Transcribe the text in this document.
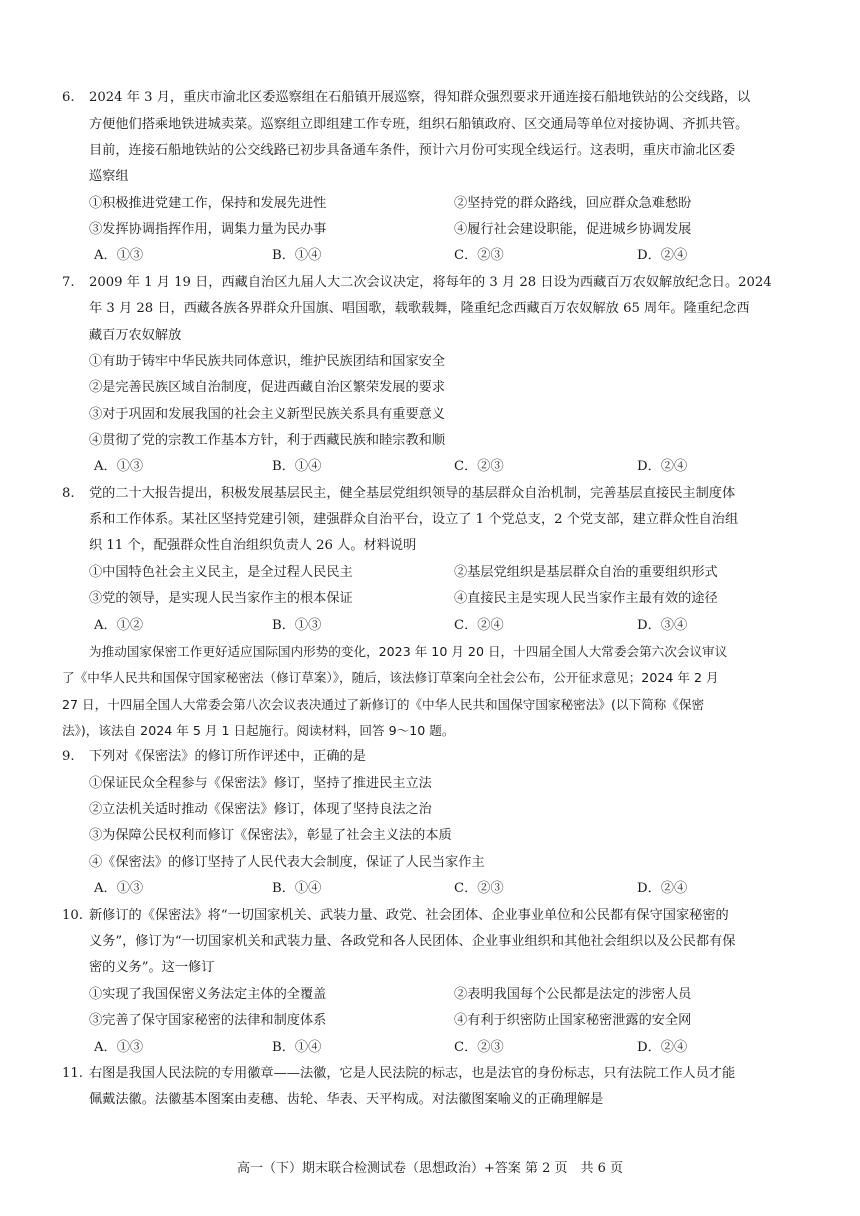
6. 2024 年 3 月，重庆市渝北区委巡察组在石船镇开展巡察，得知群众强烈要求开通连接石船地铁站的公交线路，以
方便他们搭乘地铁进城卖菜。巡察组立即组建工作专班，组织石船镇政府、区交通局等单位对接协调、齐抓共管。
目前，连接石船地铁站的公交线路已初步具备通车条件，预计六月份可实现全线运行。这表明，重庆市渝北区委
巡察组
①积极推进党建工作，保持和发展先进性	②坚持党的群众路线，回应群众急难愁盼
③发挥协调指挥作用，调集力量为民办事	④履行社会建设职能，促进城乡协调发展
A．①③	B．①④	C．②③	D．②④
7. 2009 年 1 月 19 日，西藏自治区九届人大二次会议决定，将每年的 3 月 28 日设为西藏百万农奴解放纪念日。2024
年 3 月 28 日，西藏各族各界群众升国旗、唱国歌，载歌载舞，隆重纪念西藏百万农奴解放 65 周年。隆重纪念西
藏百万农奴解放
①有助于铸牢中华民族共同体意识，维护民族团结和国家安全
②是完善民族区域自治制度，促进西藏自治区繁荣发展的要求
③对于巩固和发展我国的社会主义新型民族关系具有重要意义
④贯彻了党的宗教工作基本方针，利于西藏民族和睦宗教和顺
A．①③	B．①④	C．②③	D．②④
8. 党的二十大报告提出，积极发展基层民主，健全基层党组织领导的基层群众自治机制，完善基层直接民主制度体
系和工作体系。某社区坚持党建引领，建强群众自治平台，设立了 1 个党总支，2 个党支部，建立群众性自治组
织 11 个，配强群众性自治组织负责人 26 人。材料说明
①中国特色社会主义民主，是全过程人民民主	②基层党组织是基层群众自治的重要组织形式
③党的领导，是实现人民当家作主的根本保证	④直接民主是实现人民当家作主最有效的途径
A．①②	B．①③	C．②④	D．③④
为推动国家保密工作更好适应国际国内形势的变化，2023 年 10 月 20 日，十四届全国人大常委会第六次会议审议
了《中华人民共和国保守国家秘密法（修订草案）》，随后，该法修订草案向全社会公布，公开征求意见；2024 年 2 月
27 日，十四届全国人大常委会第八次会议表决通过了新修订的《中华人民共和国保守国家秘密法》(以下简称《保密
法》)，该法自 2024 年 5 月 1 日起施行。阅读材料，回答 9～10 题。
9. 下列对《保密法》的修订所作评述中，正确的是
①保证民众全程参与《保密法》修订，坚持了推进民主立法
②立法机关适时推动《保密法》修订，体现了坚持良法之治
③为保障公民权利而修订《保密法》，彰显了社会主义法的本质
④《保密法》的修订坚持了人民代表大会制度，保证了人民当家作主
A．①③	B．①④	C．②③	D．②④
10. 新修订的《保密法》将“一切国家机关、武装力量、政党、社会团体、企业事业单位和公民都有保守国家秘密的
义务”，修订为“一切国家机关和武装力量、各政党和各人民团体、企业事业组织和其他社会组织以及公民都有保
密的义务”。这一修订
①实现了我国保密义务法定主体的全覆盖	②表明我国每个公民都是法定的涉密人员
③完善了保守国家秘密的法律和制度体系	④有利于织密防止国家秘密泄露的安全网
A．①③	B．①④	C．②③	D．②④
11. 右图是我国人民法院的专用徽章——法徽，它是人民法院的标志，也是法官的身份标志，只有法院工作人员才能
佩戴法徽。法徽基本图案由麦穗、齿轮、华表、天平构成。对法徽图案喻义的正确理解是
高一（下）期末联合检测试卷（思想政治）+答案 第 2 页　共 6 页
